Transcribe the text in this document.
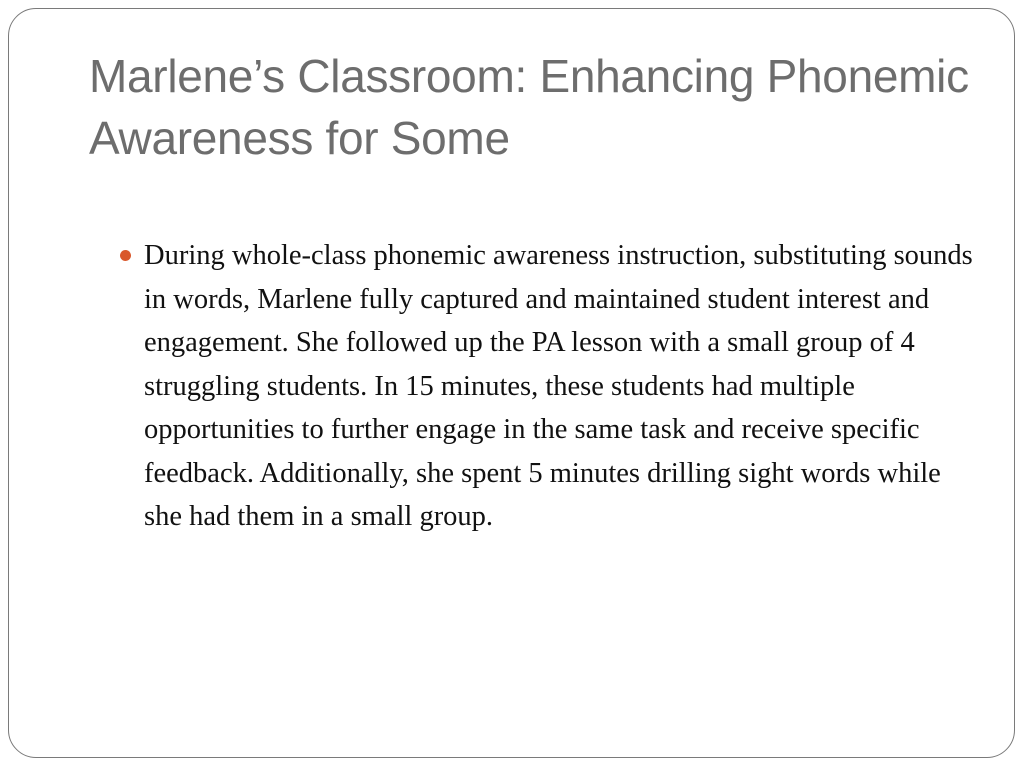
Marlene’s Classroom: Enhancing Phonemic Awareness for Some
During whole-class phonemic awareness instruction, substituting sounds in words, Marlene fully captured and maintained student interest and engagement. She followed up the PA lesson with a small group of 4 struggling students. In 15 minutes, these students had multiple opportunities to further engage in the same task and receive specific feedback. Additionally, she spent 5 minutes drilling sight words while she had them in a small group.
